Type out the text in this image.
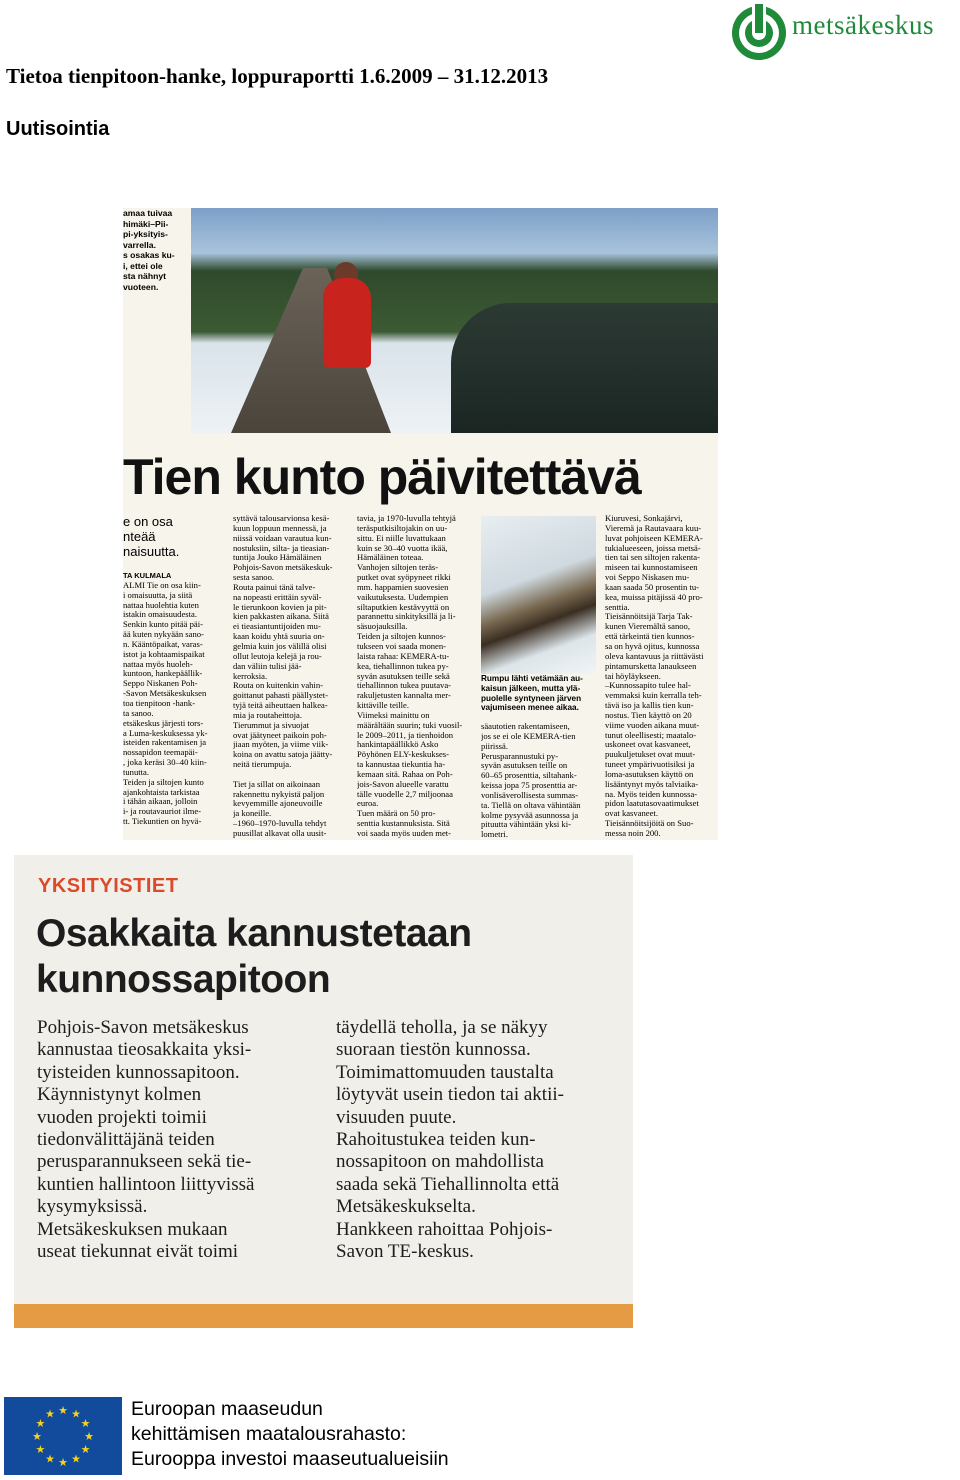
metsäkeskus
Tietoa tienpitoon-hanke, loppuraportti 1.6.2009 – 31.12.2013
Uutisointia
amaa tuivaa
himäki–Pii-
pi-yksityis-
varrella.
s osakas ku-
i, ettei ole
sta nähnyt
vuoteen.
Tien kunto päivitettävä
e on osa
nteää
naisuutta.
TA KULMALA
ALMI Tie on osa kiin-
i omaisuutta, ja siitä
nattaa huolehtia kuten
istakin omaisuudesta.
Senkin kunto pitää päi-
ää kuten nykyään sano-
n. Kääntöpaikat, varas-
istot ja kohtaamispaikat
nattaa myös huoleh-
kuntoon, hankepäällik-
Seppo Niskanen Poh-
-Savon Metsäkeskuksen
toa tienpitoon -hank-
ta sanoo.
etsäkeskus järjesti tors-
a Luma-keskuksessa yk-
isteiden rakentamisen ja
nossapidon teemapäi-
, joka keräsi 30–40 kiin-
tunutta.
Teiden ja siltojen kunto
ajankohtaista tarkistaa
i tähän aikaan, jolloin
i- ja routavauriot ilme-
tt. Tiekuntien on hyvä-
syttävä talousarvionsa kesä-
kuun loppuun mennessä, ja
niissä voidaan varautua kun-
nostuksiin, silta- ja tieasian-
tuntija Jouko Hämäläinen
Pohjois-Savon metsäkeskuk-
sesta sanoo.
Routa painui tänä talve-
na nopeasti erittäin syväl-
le tierunkoon kovien ja pit-
kien pakkasten aikana. Siitä
ei tieasiantuntijoiden mu-
kaan koidu yhtä suuria on-
gelmia kuin jos välillä olisi
ollut leutoja kelejä ja rou-
dan väliin tulisi jää-
kerroksia.
Routa on kuitenkin vahin-
goittanut pahasti päällystet-
tyjä teitä aiheuttaen halkea-
mia ja routaheittoja.
Tierummut ja sivuojat
ovat jäätyneet paikoin poh-
jiaan myöten, ja viime viik-
koina on avattu satoja jäätty-
neitä tierumpuja.

Tiet ja sillat on aikoinaan
rakennettu nykyistä paljon
kevyemmille ajoneuvoille
ja koneille.
–1960–1970-luvulla tehdyt
puusillat alkavat olla uusit-
tavia, ja 1970-luvulla tehtyjä
teräsputkisiltojakin on uu-
sittu. Ei niille luvattukaan
kuin se 30–40 vuotta ikää,
Hämäläinen toteaa.
Vanhojen siltojen teräs-
putket ovat syöpyneet rikki
mm. happamien suovesien
vaikutuksesta. Uudempien
siltaputkien kestävyyttä on
parannettu sinkityksillä ja li-
säsuojauksilla.
Teiden ja siltojen kunnos-
tukseen voi saada monen-
laista rahaa: KEMERA-tu-
kea, tiehallinnon tukea py-
syvän asutuksen teille sekä
tiehallinnon tukea puutava-
rakuljetusten kannalta mer-
kittäville teille.
Viimeksi mainittu on
määrältään suurin; tuki vuosil-
le 2009–2011, ja tienhoidon
hankintapäällikkö Asko
Pöyhönen ELY-keskukses-
ta kannustaa tiekuntia ha-
kemaan sitä. Rahaa on Poh-
jois-Savon alueelle varattu
tälle vuodelle 2,7 miljoonaa
euroa.
Tuen määrä on 50 pro-
senttia kustannuksista. Sitä
voi saada myös uuden met-
Rumpu lähti vetämään au-
kaisun jälkeen, mutta ylä-
puolelle syntyneen järven
vajumiseen menee aikaa.
säautotien rakentamiseen,
jos se ei ole KEMERA-tien
piirissä.
Perusparannustuki py-
syvän asutuksen teille on
60–65 prosenttia, siltahank-
keissa jopa 75 prosenttia ar-
vonlisäverollisesta summas-
ta. Tiellä on oltava vähintään
kolme pysyvää asunnossa ja
pituutta vähintään yksi ki-
lometri.
Kiuruvesi, Sonkajärvi,
Vieremä ja Rautavaara kuu-
luvat pohjoiseen KEMERA-
tukialueeseen, joissa metsä-
tien tai sen siltojen rakenta-
miseen tai kunnostamiseen
voi Seppo Niskasen mu-
kaan saada 50 prosentin tu-
kea, muissa pitäjissä 40 pro-
senttia.
Tieisännöitsijä Tarja Tak-
kunen Vieremältä sanoo,
että tärkeintä tien kunnos-
sa on hyvä ojitus, kunnossa
oleva kantavuus ja riittävästi
pintamursketta lanaukseen
tai höyläykseen.
–Kunnossapito tulee hal-
vemmaksi kuin kerralla teh-
tävä iso ja kallis tien kun-
nostus. Tien käyttö on 20
viime vuoden aikana muut-
tunut oleellisesti; maatalo-
uskoneet ovat kasvaneet,
puukuljetukset ovat muut-
tuneet ympärivuotisiksi ja
loma-asutuksen käyttö on
lisääntynyt myös talviaika-
na. Myös teiden kunnossa-
pidon laatutasovaatimukset
ovat kasvaneet.
Tieisännöitsijöitä on Suo-
messa noin 200.
YKSITYISTIET
Osakkaita kannustetaan
kunnossapitoon
Pohjois-Savon metsäkeskus
kannustaa tieosakkaita yksi-
tyisteiden kunnossapitoon.
Käynnistynyt kolmen
vuoden projekti toimii
tiedonvälittäjänä teiden
perusparannukseen sekä tie-
kuntien hallintoon liittyvissä
kysymyksissä.
Metsäkeskuksen mukaan
useat tiekunnat eivät toimi
täydellä teholla, ja se näkyy
suoraan tiestön kunnossa.
Toimimattomuuden taustalta
löytyvät usein tiedon tai aktii-
visuuden puute.
Rahoitustukea teiden kun-
nossapitoon on mahdollista
saada sekä Tiehallinnolta että
Metsäkeskukselta.
Hankkeen rahoittaa Pohjois-
Savon TE-keskus.
★ ★
★
★
★
★
★
★
★
★
★
★	Euroopan maaseudun
kehittämisen maatalousrahasto:
Eurooppa investoi maaseutualueisiin
